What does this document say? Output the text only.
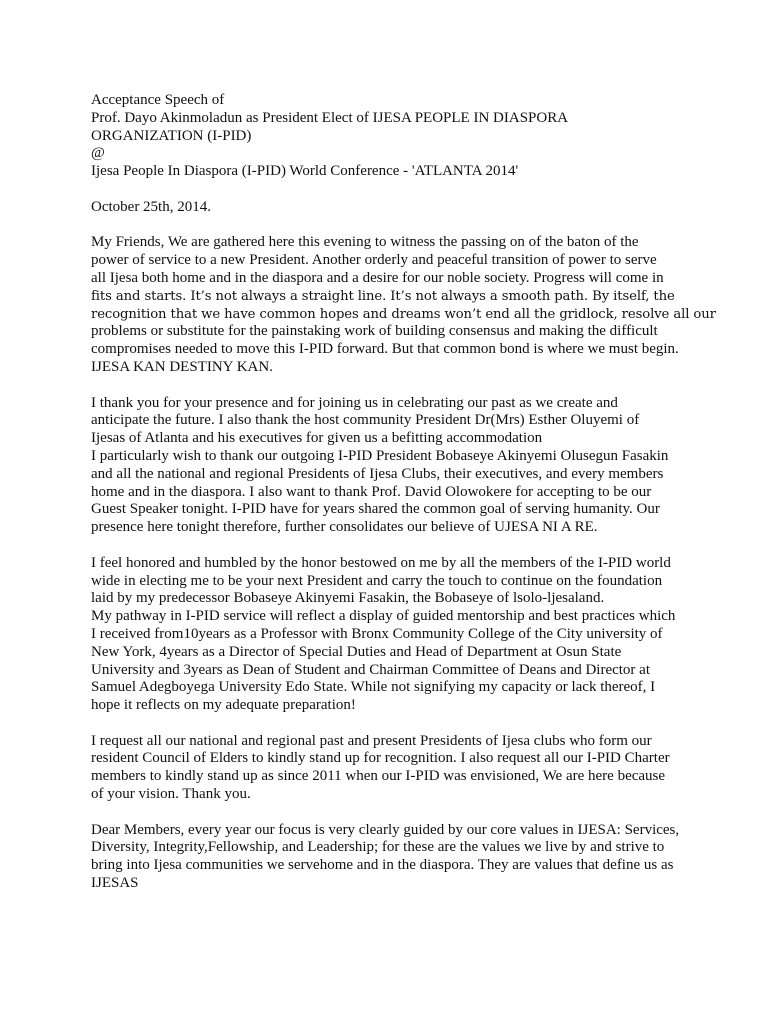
Acceptance Speech of
Prof. Dayo Akinmoladun as President Elect of IJESA PEOPLE IN DIASPORA
ORGANIZATION (I-PID)
@
Ijesa People In Diaspora (I-PID) World Conference - 'ATLANTA 2014'
October 25th, 2014.
My Friends, We are gathered here this evening to witness the passing on of the baton of the
power of service to a new President. Another orderly and peaceful transition of power to serve
all Ijesa both home and in the diaspora and a desire for our noble society. Progress will come in
fits and starts. It’s not always a straight line. It’s not always a smooth path. By itself, the
recognition that we have common hopes and dreams won’t end all the gridlock, resolve all our
problems or substitute for the painstaking work of building consensus and making the difficult
compromises needed to move this I-PID forward. But that common bond is where we must begin.
IJESA KAN DESTINY KAN.
I thank you for your presence and for joining us in celebrating our past as we create and
anticipate the future. I also thank the host community President Dr(Mrs) Esther Oluyemi of
Ijesas of Atlanta and his executives for given us a befitting accommodation
I particularly wish to thank our outgoing I-PID President Bobaseye Akinyemi Olusegun Fasakin
and all the national and regional Presidents of Ijesa Clubs, their executives, and every members
home and in the diaspora. I also want to thank Prof. David Olowokere for accepting to be our
Guest Speaker tonight. I-PID have for years shared the common goal of serving humanity. Our
presence here tonight therefore, further consolidates our believe of UJESA NI A RE.
I feel honored and humbled by the honor bestowed on me by all the members of the I-PID world
wide in electing me to be your next President and carry the touch to continue on the foundation
laid by my predecessor Bobaseye Akinyemi Fasakin, the Bobaseye of lsolo-ljesaland.
My pathway in I-PID service will reflect a display of guided mentorship and best practices which
I received from10years as a Professor with Bronx Community College of the City university of
New York, 4years as a Director of Special Duties and Head of Department at Osun State
University and 3years as Dean of Student and Chairman Committee of Deans and Director at
Samuel Adegboyega University Edo State. While not signifying my capacity or lack thereof, I
hope it reflects on my adequate preparation!
I request all our national and regional past and present Presidents of Ijesa clubs who form our
resident Council of Elders to kindly stand up for recognition. I also request all our I-PID Charter
members to kindly stand up as since 2011 when our I-PID was envisioned, We are here because
of your vision. Thank you.
Dear Members, every year our focus is very clearly guided by our core values in IJESA: Services,
Diversity, Integrity,Fellowship, and Leadership; for these are the values we live by and strive to
bring into Ijesa communities we servehome and in the diaspora. They are values that define us as
IJESAS
